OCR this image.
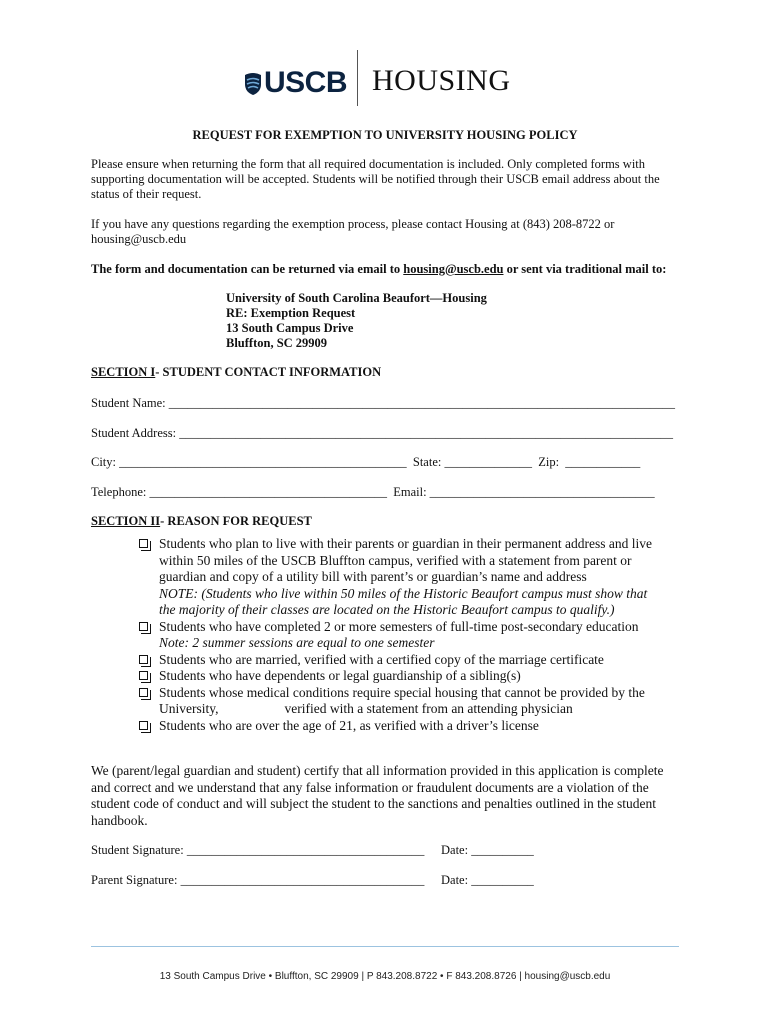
USCB HOUSING
REQUEST FOR EXEMPTION TO UNIVERSITY HOUSING POLICY
Please ensure when returning the form that all required documentation is included. Only completed forms with supporting documentation will be accepted. Students will be notified through their USCB email address about the status of their request.
If you have any questions regarding the exemption process, please contact Housing at (843) 208-8722 or housing@uscb.edu
The form and documentation can be returned via email to housing@uscb.edu or sent via traditional mail to:
University of South Carolina Beaufort—Housing
RE: Exemption Request
13 South Campus Drive
Bluffton, SC 29909
SECTION I- STUDENT CONTACT INFORMATION
Student Name: _________________________________________________________________________________
Student Address: _______________________________________________________________________________
City: ______________________________________________  State: ______________  Zip:  ____________
Telephone: ______________________________________  Email: ____________________________________
SECTION II- REASON FOR REQUEST
Students who plan to live with their parents or guardian in their permanent address and live
within 50 miles of the USCB Bluffton campus, verified with a statement from parent or
guardian and copy of a utility bill with parent’s or guardian’s name and address
NOTE: (Students who live within 50 miles of the Historic Beaufort campus must show that
the majority of their classes are located on the Historic Beaufort campus to qualify.)
Students who have completed 2 or more semesters of full-time post-secondary education
Note: 2 summer sessions are equal to one semester
Students who are married, verified with a certified copy of the marriage certificate
Students who have dependents or legal guardianship of a sibling(s)
Students whose medical conditions require special housing that cannot be provided by the
University,	verified with a statement from an attending physician
Students who are over the age of 21, as verified with a driver’s license
We (parent/legal guardian and student) certify that all information provided in this application is complete and correct and we understand that any false information or fraudulent documents are a violation of the student code of conduct and will subject the student to the sanctions and penalties outlined in the student handbook.
Student Signature: ______________________________________ Date: __________
Parent Signature: _______________________________________ Date: __________
13 South Campus Drive • Bluffton, SC 29909 | P 843.208.8722 • F 843.208.8726 | housing@uscb.edu
